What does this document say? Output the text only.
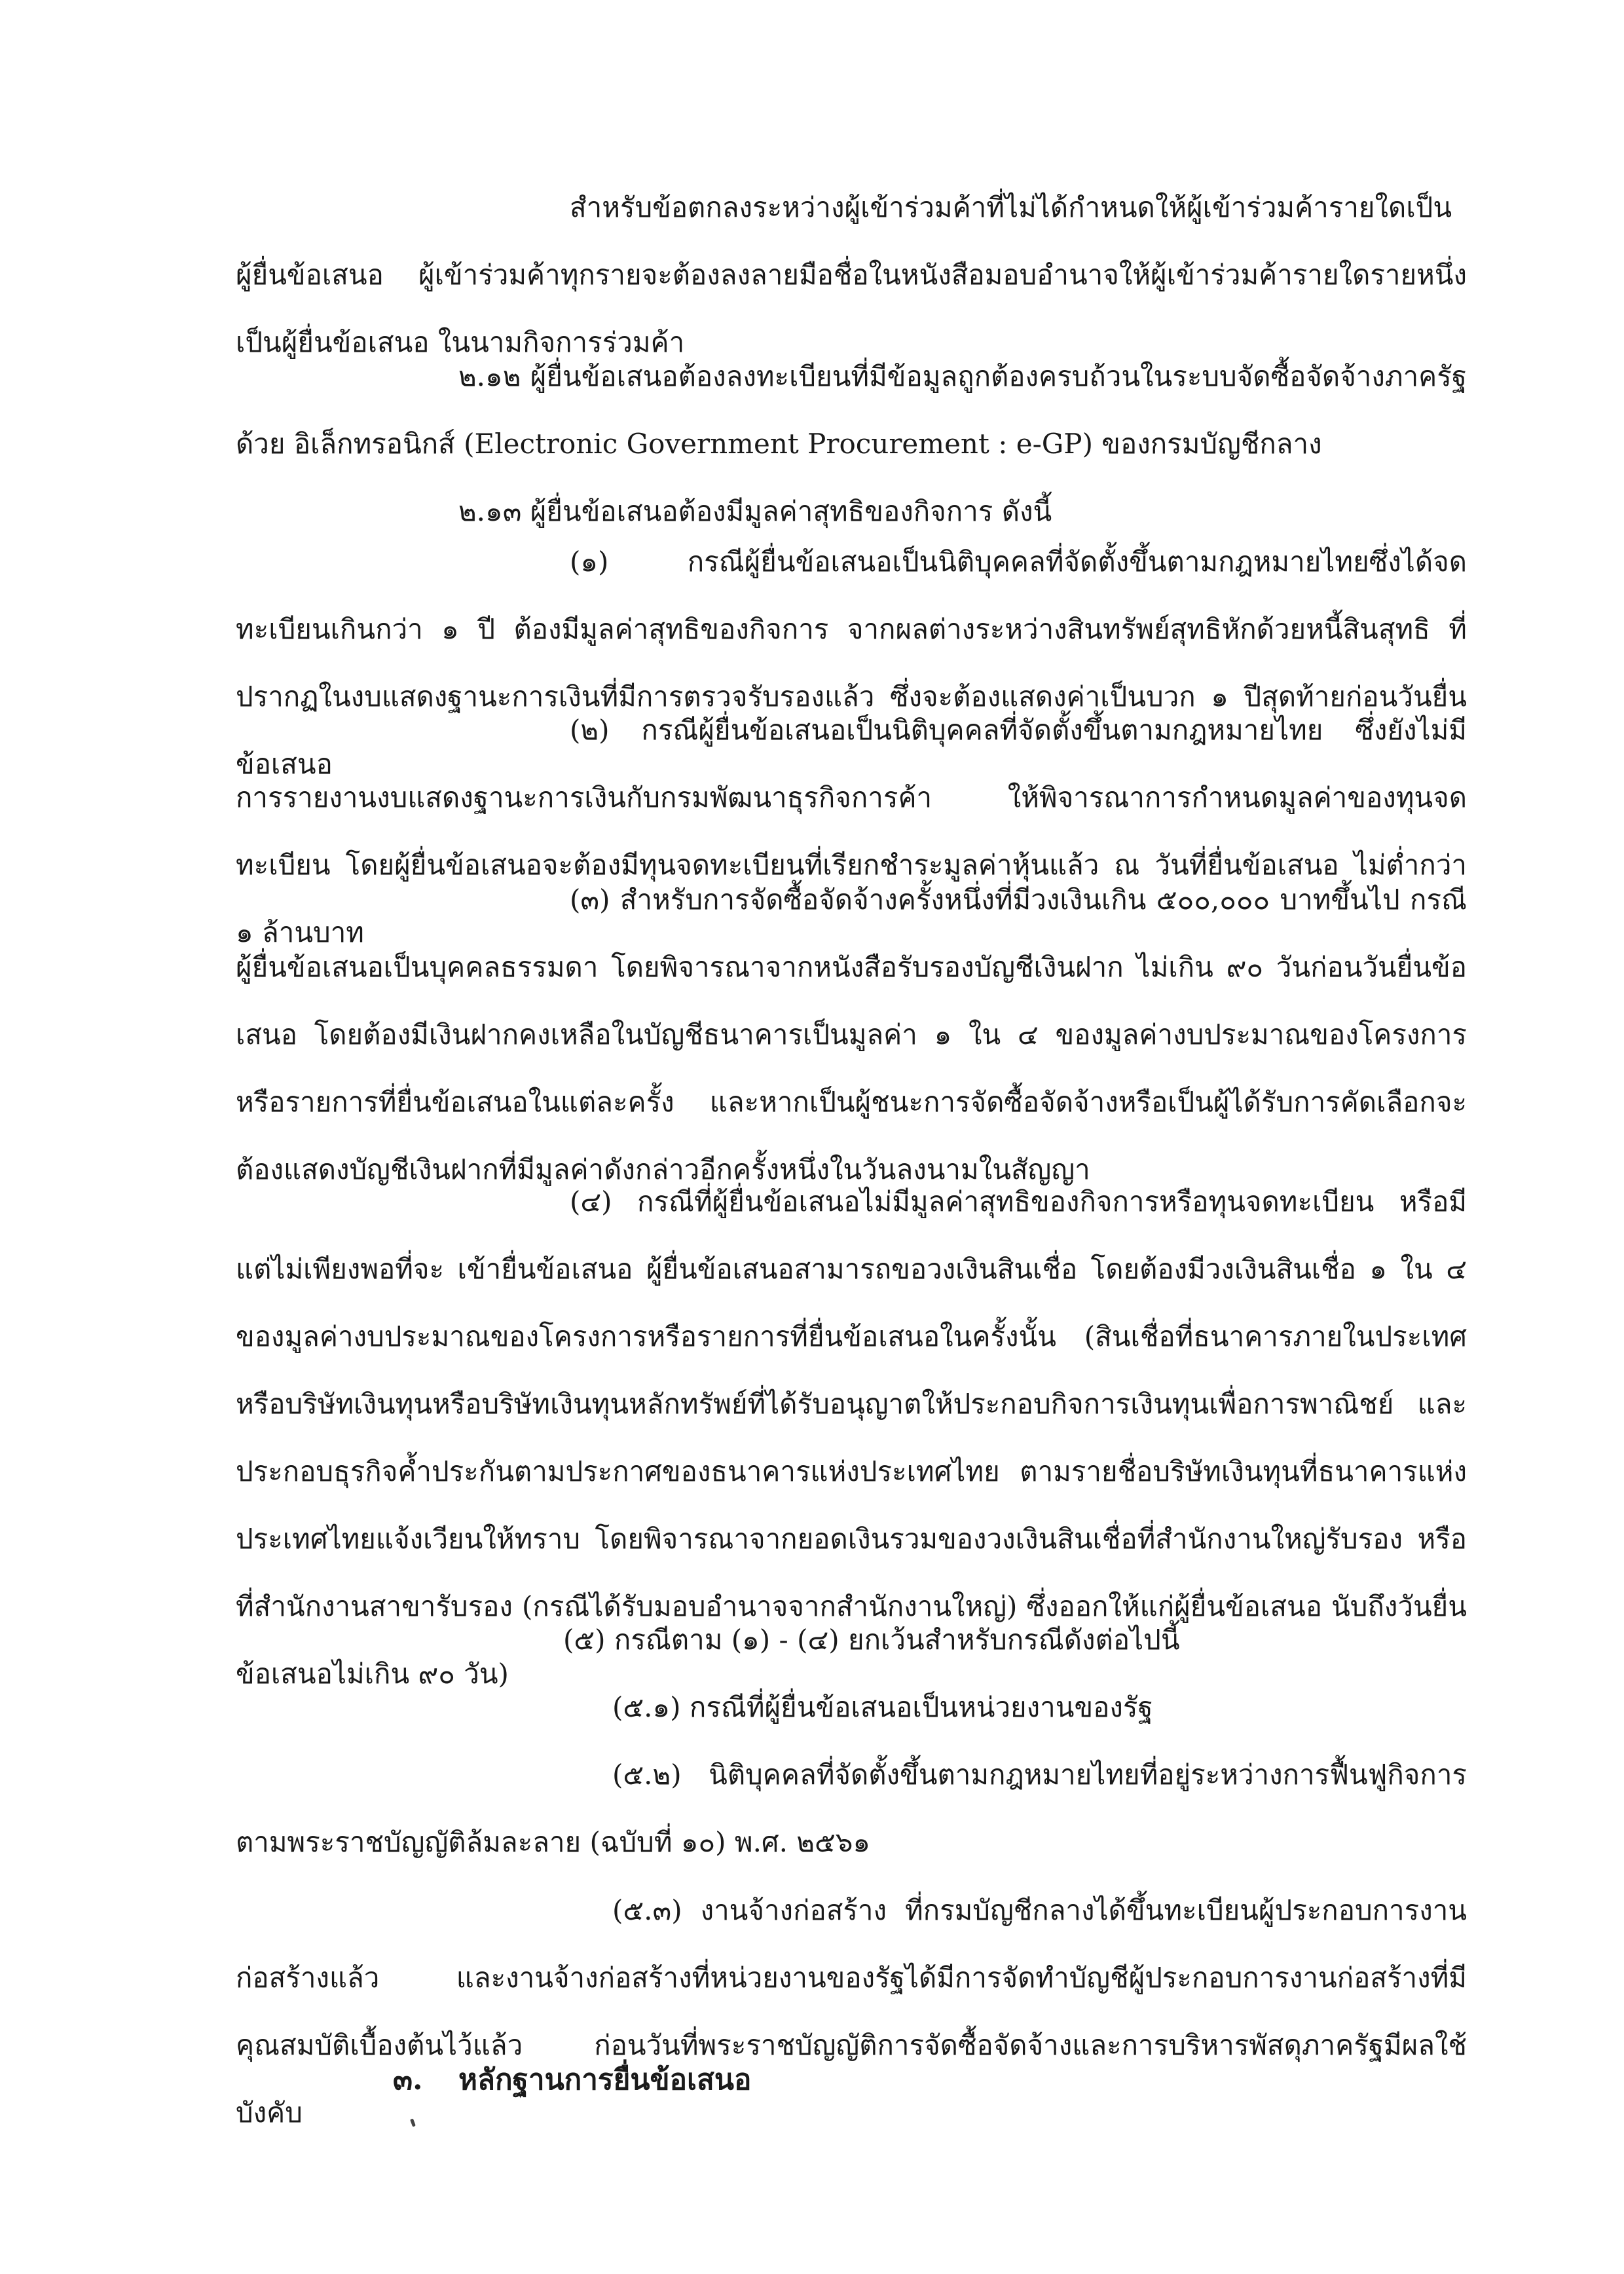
สำหรับข้อตกลงระหว่างผู้เข้าร่วมค้าที่ไม่ได้กำหนดให้ผู้เข้าร่วมค้ารายใดเป็นผู้ยื่นข้อเสนอ ผู้เข้าร่วมค้าทุกรายจะต้องลงลายมือชื่อในหนังสือมอบอำนาจให้ผู้เข้าร่วมค้ารายใดรายหนึ่งเป็นผู้ยื่นข้อเสนอ ในนามกิจการร่วมค้า

๒.๑๒ ผู้ยื่นข้อเสนอต้องลงทะเบียนที่มีข้อมูลถูกต้องครบถ้วนในระบบจัดซื้อจัดจ้างภาครัฐด้วย อิเล็กทรอนิกส์ (Electronic Government Procurement : e-GP) ของกรมบัญชีกลาง

๒.๑๓ ผู้ยื่นข้อเสนอต้องมีมูลค่าสุทธิของกิจการ ดังนี้

(๑) กรณีผู้ยื่นข้อเสนอเป็นนิติบุคคลที่จัดตั้งขึ้นตามกฎหมายไทยซึ่งได้จดทะเบียนเกินกว่า ๑ ปี ต้องมีมูลค่าสุทธิของกิจการ จากผลต่างระหว่างสินทรัพย์สุทธิหักด้วยหนี้สินสุทธิ ที่ปรากฏในงบแสดงฐานะการเงินที่มีการตรวจรับรองแล้ว ซึ่งจะต้องแสดงค่าเป็นบวก ๑ ปีสุดท้ายก่อนวันยื่นข้อเสนอ

(๒) กรณีผู้ยื่นข้อเสนอเป็นนิติบุคคลที่จัดตั้งขึ้นตามกฎหมายไทย ซึ่งยังไม่มีการรายงานงบแสดงฐานะการเงินกับกรมพัฒนาธุรกิจการค้า ให้พิจารณาการกำหนดมูลค่าของทุนจดทะเบียน โดยผู้ยื่นข้อเสนอจะต้องมีทุนจดทะเบียนที่เรียกชำระมูลค่าหุ้นแล้ว ณ วันที่ยื่นข้อเสนอ ไม่ต่ำกว่า ๑ ล้านบาท

(๓) สำหรับการจัดซื้อจัดจ้างครั้งหนึ่งที่มีวงเงินเกิน ๕๐๐,๐๐๐ บาทขึ้นไป กรณีผู้ยื่นข้อเสนอเป็นบุคคลธรรมดา โดยพิจารณาจากหนังสือรับรองบัญชีเงินฝาก ไม่เกิน ๙๐ วันก่อนวันยื่นข้อเสนอ โดยต้องมีเงินฝากคงเหลือในบัญชีธนาคารเป็นมูลค่า ๑ ใน ๔ ของมูลค่างบประมาณของโครงการหรือรายการที่ยื่นข้อเสนอในแต่ละครั้ง และหากเป็นผู้ชนะการจัดซื้อจัดจ้างหรือเป็นผู้ได้รับการคัดเลือกจะต้องแสดงบัญชีเงินฝากที่มีมูลค่าดังกล่าวอีกครั้งหนึ่งในวันลงนามในสัญญา

(๔) กรณีที่ผู้ยื่นข้อเสนอไม่มีมูลค่าสุทธิของกิจการหรือทุนจดทะเบียน หรือมีแต่ไม่เพียงพอที่จะ เข้ายื่นข้อเสนอ ผู้ยื่นข้อเสนอสามารถขอวงเงินสินเชื่อ โดยต้องมีวงเงินสินเชื่อ ๑ ใน ๔ ของมูลค่างบประมาณของโครงการหรือรายการที่ยื่นข้อเสนอในครั้งนั้น (สินเชื่อที่ธนาคารภายในประเทศ หรือบริษัทเงินทุนหรือบริษัทเงินทุนหลักทรัพย์ที่ได้รับอนุญาตให้ประกอบกิจการเงินทุนเพื่อการพาณิชย์ และประกอบธุรกิจค้ำประกันตามประกาศของธนาคารแห่งประเทศไทย ตามรายชื่อบริษัทเงินทุนที่ธนาคารแห่งประเทศไทยแจ้งเวียนให้ทราบ โดยพิจารณาจากยอดเงินรวมของวงเงินสินเชื่อที่สำนักงานใหญ่รับรอง หรือที่สำนักงานสาขารับรอง (กรณีได้รับมอบอำนาจจากสำนักงานใหญ่) ซึ่งออกให้แก่ผู้ยื่นข้อเสนอ นับถึงวันยื่นข้อเสนอไม่เกิน ๙๐ วัน)

(๕) กรณีตาม (๑) - (๔) ยกเว้นสำหรับกรณีดังต่อไปนี้

(๕.๑) กรณีที่ผู้ยื่นข้อเสนอเป็นหน่วยงานของรัฐ

(๕.๒) นิติบุคคลที่จัดตั้งขึ้นตามกฎหมายไทยที่อยู่ระหว่างการฟื้นฟูกิจการตามพระราชบัญญัติล้มละลาย (ฉบับที่ ๑๐) พ.ศ. ๒๕๖๑

(๕.๓) งานจ้างก่อสร้าง ที่กรมบัญชีกลางได้ขึ้นทะเบียนผู้ประกอบการงานก่อสร้างแล้ว และงานจ้างก่อสร้างที่หน่วยงานของรัฐได้มีการจัดทำบัญชีผู้ประกอบการงานก่อสร้างที่มีคุณสมบัติเบื้องต้นไว้แล้ว ก่อนวันที่พระราชบัญญัติการจัดซื้อจัดจ้างและการบริหารพัสดุภาครัฐมีผลใช้บังคับ

๓. หลักฐานการยื่นข้อเสนอ
